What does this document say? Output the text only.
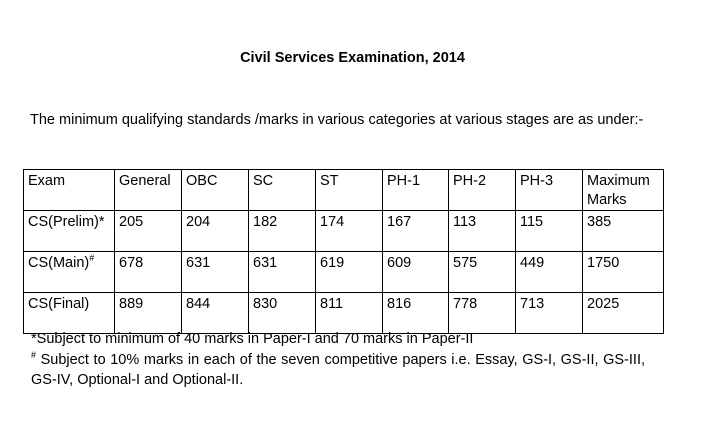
Civil Services Examination, 2014
The minimum qualifying standards /marks in various categories at various stages are as under:-
Exam	General	OBC	SC	ST	PH-1	PH-2	PH-3	Maximum Marks
CS(Prelim)*	205	204	182	174	167	113	115	385
CS(Main)#	678	631	631	619	609	575	449	1750
CS(Final)	889	844	830	811	816	778	713	2025
*Subject to minimum of 40 marks in Paper-I and 70 marks in Paper-II
# Subject to 10% marks in each of the seven competitive papers i.e. Essay, GS-I, GS-II, GS-III, GS-IV, Optional-I and Optional-II.
